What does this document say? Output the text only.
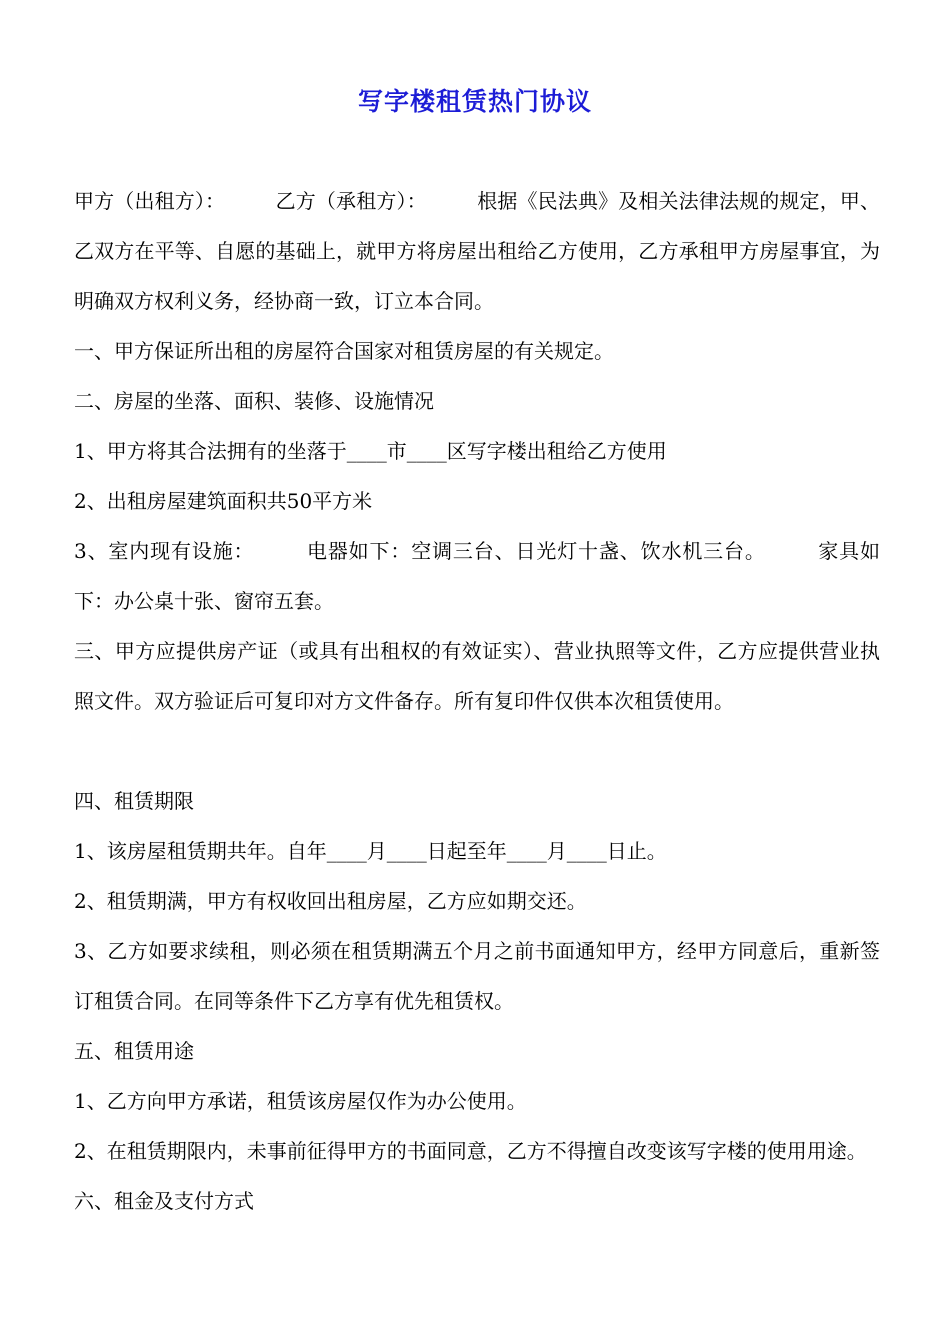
写字楼租赁热门协议

甲方（出租方）：　　　乙方（承租方）：　　　根据《民法典》及相关法律法规的规定，甲、乙双方在平等、自愿的基础上，就甲方将房屋出租给乙方使用，乙方承租甲方房屋事宜，为明确双方权利义务，经协商一致，订立本合同。

一、甲方保证所出租的房屋符合国家对租赁房屋的有关规定。

二、房屋的坐落、面积、装修、设施情况

1、甲方将其合法拥有的坐落于____市____区写字楼出租给乙方使用

2、出租房屋建筑面积共50平方米

3、室内现有设施：　　　电器如下：空调三台、日光灯十盏、饮水机三台。　　　家具如下：办公桌十张、窗帘五套。

三、甲方应提供房产证（或具有出租权的有效证实）、营业执照等文件，乙方应提供营业执照文件。双方验证后可复印对方文件备存。所有复印件仅供本次租赁使用。

四、租赁期限

1、该房屋租赁期共年。自年____月____日起至年____月____日止。

2、租赁期满，甲方有权收回出租房屋，乙方应如期交还。

3、乙方如要求续租，则必须在租赁期满五个月之前书面通知甲方，经甲方同意后，重新签订租赁合同。在同等条件下乙方享有优先租赁权。

五、租赁用途

1、乙方向甲方承诺，租赁该房屋仅作为办公使用。

2、在租赁期限内，未事前征得甲方的书面同意，乙方不得擅自改变该写字楼的使用用途。

六、租金及支付方式
